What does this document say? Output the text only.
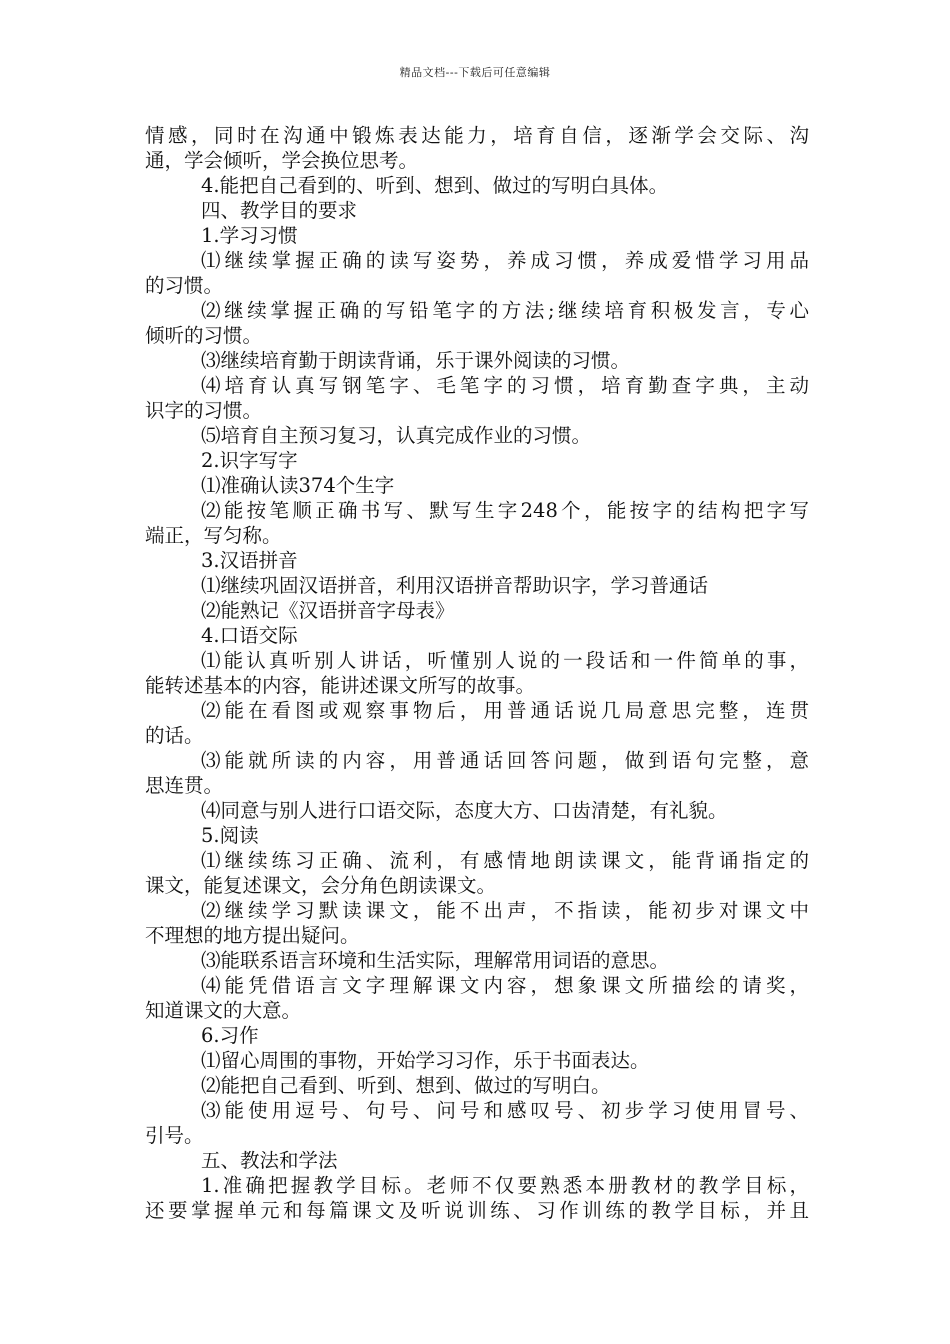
精品文档---下载后可任意编辑
情感，同时在沟通中锻炼表达能力，培育自信，逐渐学会交际、沟
通，学会倾听，学会换位思考。
4.能把自己看到的、听到、想到、做过的写明白具体。
四、教学目的要求
1.学习习惯
⑴继续掌握正确的读写姿势，养成习惯，养成爱惜学习用品
的习惯。
⑵继续掌握正确的写铅笔字的方法;继续培育积极发言，专心
倾听的习惯。
⑶继续培育勤于朗读背诵，乐于课外阅读的习惯。
⑷培育认真写钢笔字、毛笔字的习惯，培育勤查字典，主动
识字的习惯。
⑸培育自主预习复习，认真完成作业的习惯。
2.识字写字
⑴准确认读374个生字
⑵能按笔顺正确书写、默写生字248个，能按字的结构把字写
端正，写匀称。
3.汉语拼音
⑴继续巩固汉语拼音，利用汉语拼音帮助识字，学习普通话
⑵能熟记《汉语拼音字母表》
4.口语交际
⑴能认真听别人讲话，听懂别人说的一段话和一件简单的事，
能转述基本的内容，能讲述课文所写的故事。
⑵能在看图或观察事物后，用普通话说几局意思完整，连贯
的话。
⑶能就所读的内容，用普通话回答问题，做到语句完整，意
思连贯。
⑷同意与别人进行口语交际，态度大方、口齿清楚，有礼貌。
5.阅读
⑴继续练习正确、流利，有感情地朗读课文，能背诵指定的
课文，能复述课文，会分角色朗读课文。
⑵继续学习默读课文，能不出声，不指读，能初步对课文中
不理想的地方提出疑问。
⑶能联系语言环境和生活实际，理解常用词语的意思。
⑷能凭借语言文字理解课文内容，想象课文所描绘的请奖，
知道课文的大意。
6.习作
⑴留心周围的事物，开始学习习作，乐于书面表达。
⑵能把自己看到、听到、想到、做过的写明白。
⑶能使用逗号、句号、问号和感叹号、初步学习使用冒号、
引号。
五、教法和学法
1.准确把握教学目标。老师不仅要熟悉本册教材的教学目标，
还要掌握单元和每篇课文及听说训练、习作训练的教学目标，并且
